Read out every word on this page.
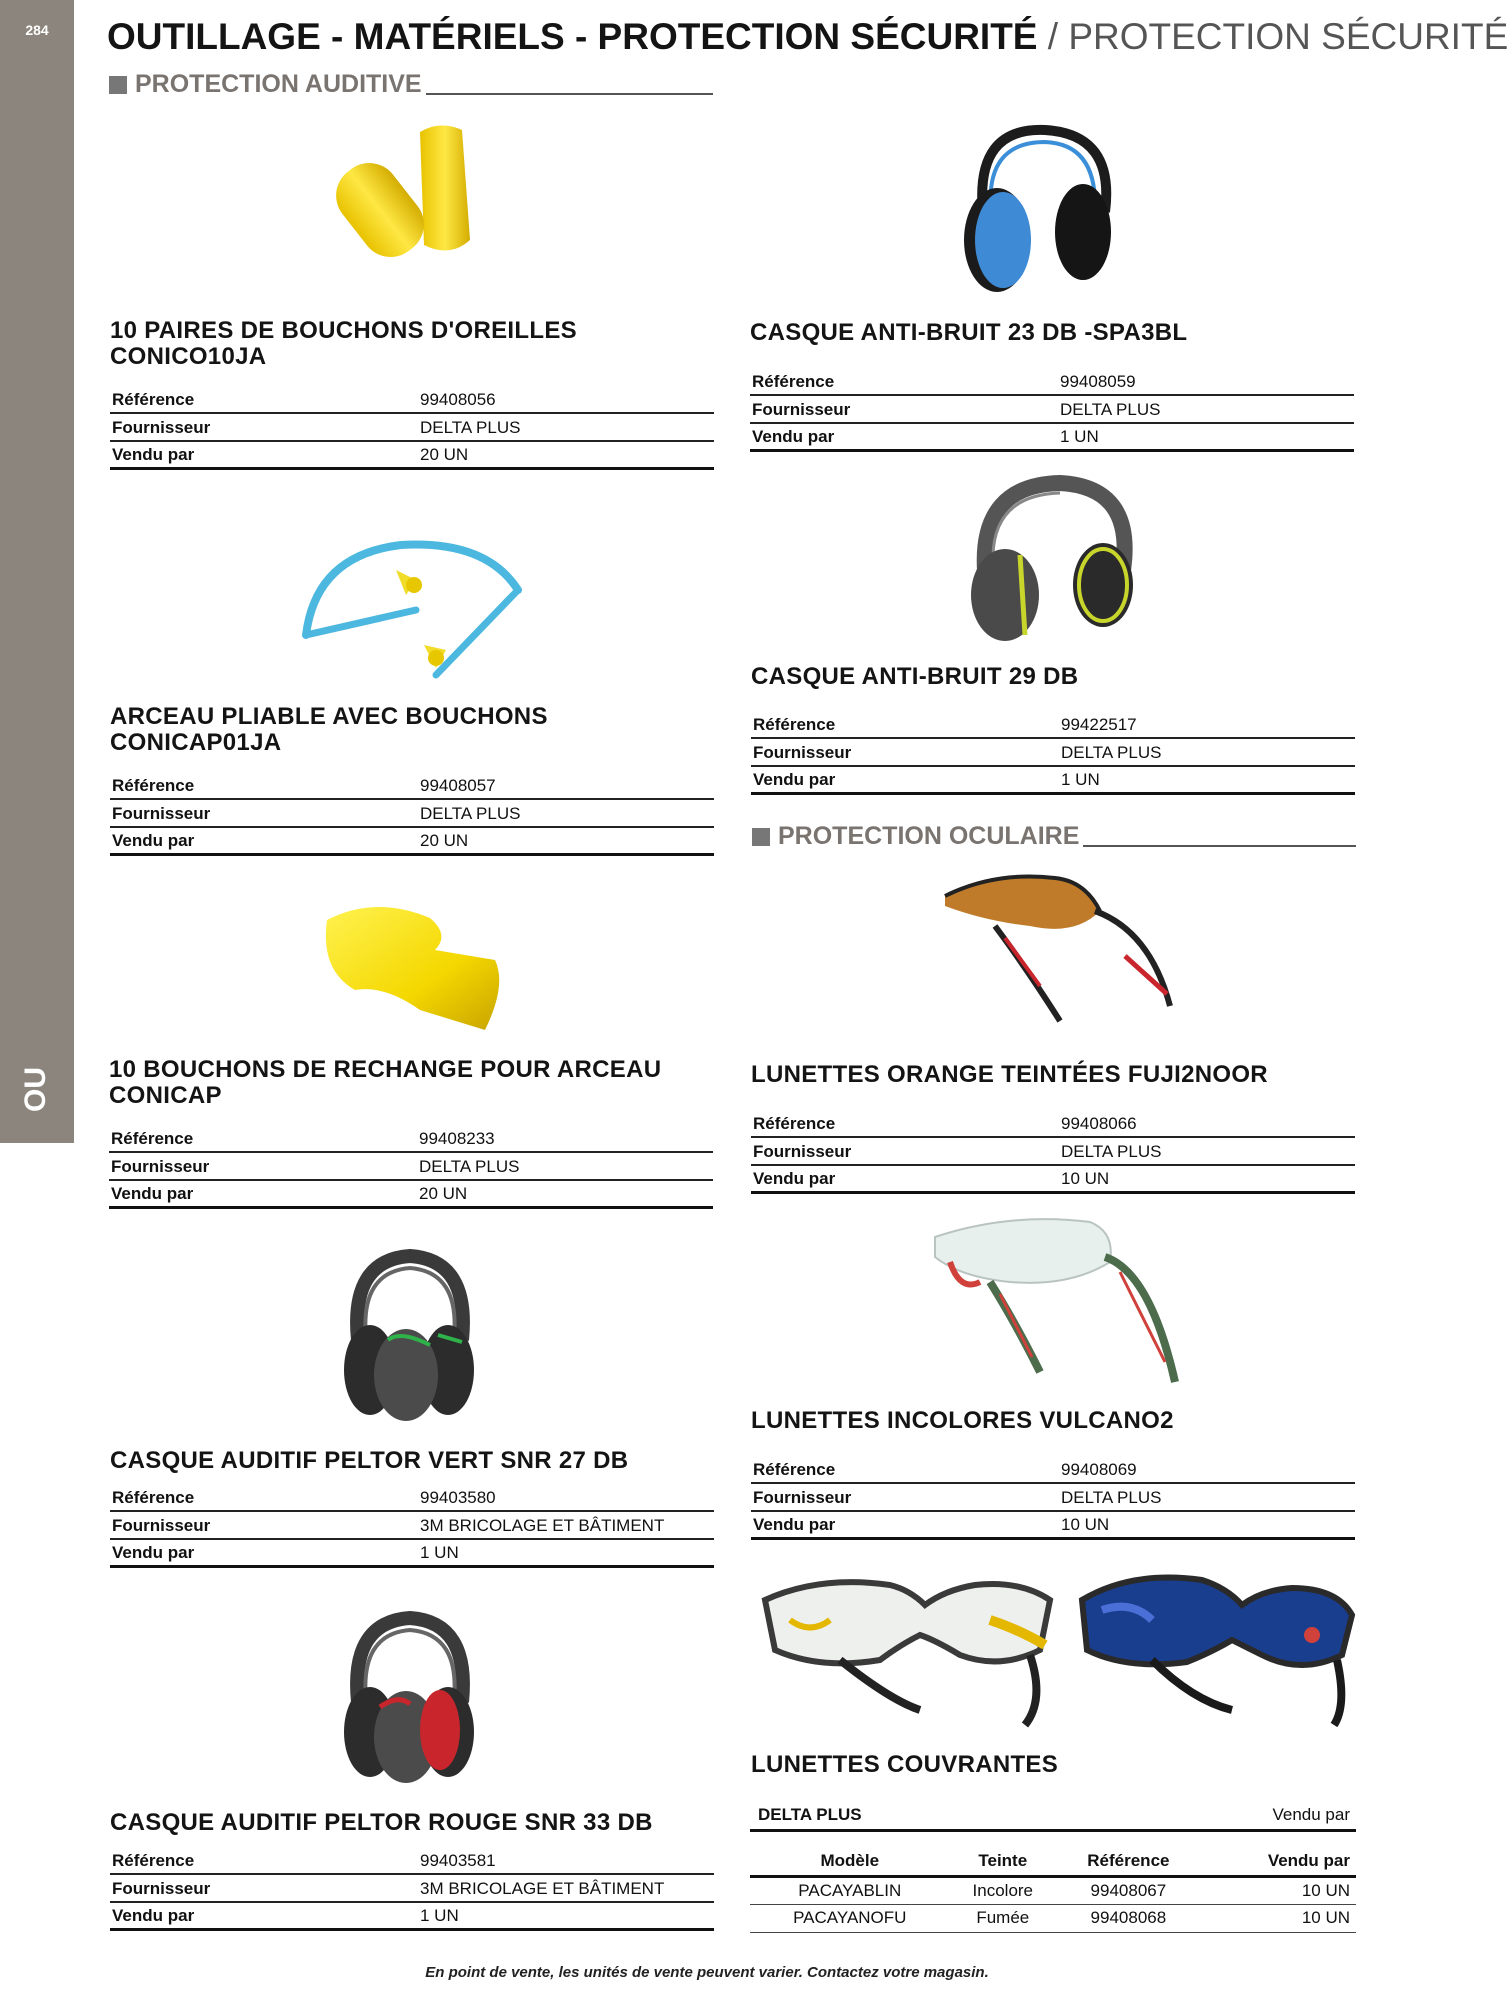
284
OU
OUTILLAGE - MATÉRIELS - PROTECTION SÉCURITÉ / PROTECTION SÉCURITÉ
PROTECTION AUDITIVE
PROTECTION OCULAIRE
10 PAIRES DE BOUCHONS D'OREILLES CONICO10JA
Référence	99408056
Fournisseur	DELTA PLUS
Vendu par	20 UN
ARCEAU PLIABLE AVEC BOUCHONS CONICAP01JA
Référence	99408057
Fournisseur	DELTA PLUS
Vendu par	20 UN
10 BOUCHONS DE RECHANGE POUR ARCEAU CONICAP
Référence	99408233
Fournisseur	DELTA PLUS
Vendu par	20 UN
CASQUE AUDITIF PELTOR VERT SNR 27 DB
Référence	99403580
Fournisseur	3M BRICOLAGE ET BÂTIMENT
Vendu par	1 UN
CASQUE AUDITIF PELTOR ROUGE SNR 33 DB
Référence	99403581
Fournisseur	3M BRICOLAGE ET BÂTIMENT
Vendu par	1 UN
CASQUE ANTI-BRUIT 23 DB -SPA3BL
Référence	99408059
Fournisseur	DELTA PLUS
Vendu par	1 UN
CASQUE ANTI-BRUIT 29 DB
Référence	99422517
Fournisseur	DELTA PLUS
Vendu par	1 UN
LUNETTES ORANGE TEINTÉES FUJI2NOOR
Référence	99408066
Fournisseur	DELTA PLUS
Vendu par	10 UN
LUNETTES INCOLORES VULCANO2
Référence	99408069
Fournisseur	DELTA PLUS
Vendu par	10 UN
LUNETTES COUVRANTES
DELTA PLUS	Vendu par
Modèle	Teinte	Référence	Vendu par
PACAYABLIN	Incolore	99408067	10 UN
PACAYANOFU	Fumée	99408068	10 UN
En point de vente, les unités de vente peuvent varier. Contactez votre magasin.
